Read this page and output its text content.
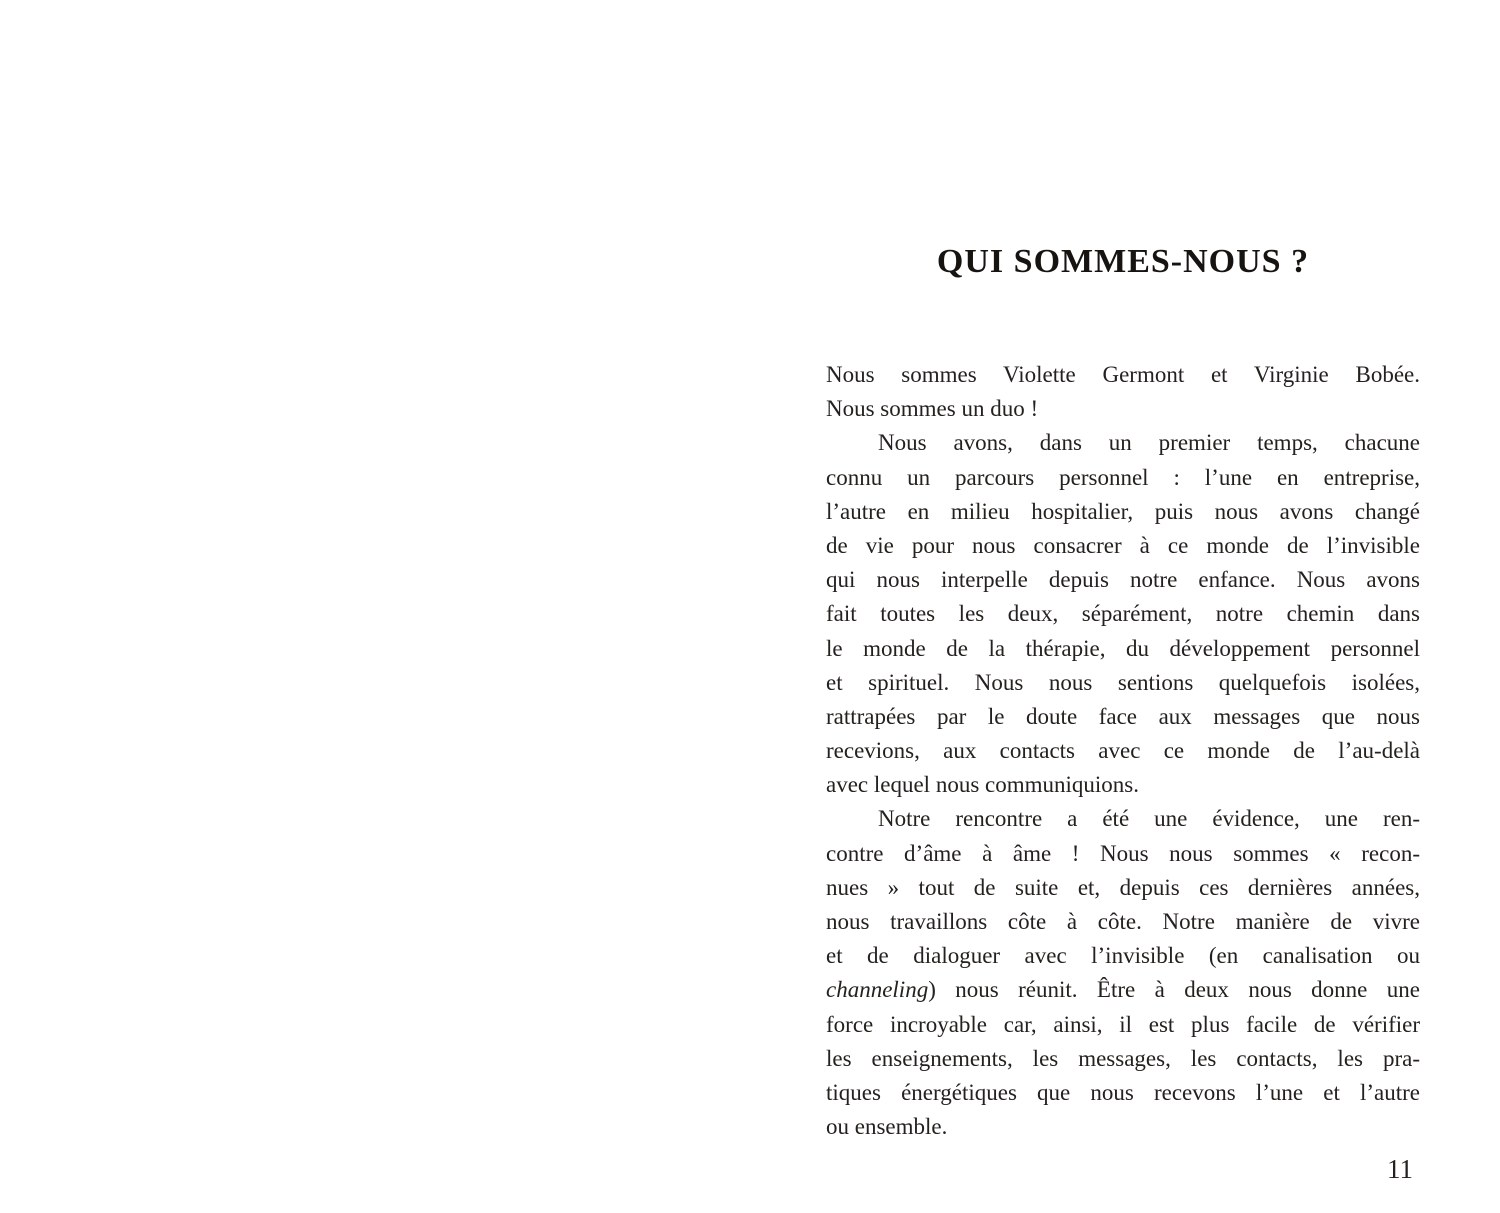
QUI SOMMES-NOUS ?
Nous sommes Violette Germont et Virginie Bobée.
Nous sommes un duo !
Nous avons, dans un premier temps, chacune
connu un parcours personnel : l’une en entreprise,
l’autre en milieu hospitalier, puis nous avons changé
de vie pour nous consacrer à ce monde de l’invisible
qui nous interpelle depuis notre enfance. Nous avons
fait toutes les deux, séparément, notre chemin dans
le monde de la thérapie, du développement personnel
et spirituel. Nous nous sentions quelquefois isolées,
rattrapées par le doute face aux messages que nous
recevions, aux contacts avec ce monde de l’au-delà
avec lequel nous communiquions.
Notre rencontre a été une évidence, une ren-
contre d’âme à âme ! Nous nous sommes « recon-
nues » tout de suite et, depuis ces dernières années,
nous travaillons côte à côte. Notre manière de vivre
et de dialoguer avec l’invisible (en canalisation ou
channeling) nous réunit. Être à deux nous donne une
force incroyable car, ainsi, il est plus facile de vérifier
les enseignements, les messages, les contacts, les pra-
tiques énergétiques que nous recevons l’une et l’autre
ou ensemble.
11
